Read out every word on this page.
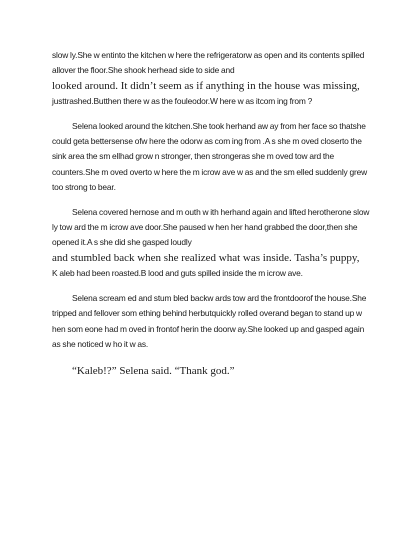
slow ly.She w entinto the kitchen w here the refrigeratorw as open and its contents spilled allover the floor.She shook herhead side to side and
looked around. It didn’t seem as if anything in the house was missing,
justtrashed.Butthen there w as the fouleodor.W here w as itcom ing from ?

Selena looked around the kitchen.She took herhand aw ay from her face so thatshe could geta bettersense ofw here the odorw as com ing from .A s she m oved closerto the sink area the sm ellhad grow n stronger, then strongeras she m oved tow ard the counters.She m oved overto w here the m icrow ave w as and the sm elled suddenly grew too strong to bear.

Selena covered hernose and m outh w ith herhand again and lifted herotherone slow ly tow ard the m icrow ave door.She paused w hen her hand grabbed the door,then she opened it.A s she did she gasped loudly
and stumbled back when she realized what was inside. Tasha’s puppy,
K aleb had been roasted.B lood and guts spilled inside the m icrow ave.

Selena scream ed and stum bled backw ards tow ard the frontdoorof the house.She tripped and fellover som ething behind herbutquickly rolled overand began to stand up w hen som eone had m oved in frontof herin the doorw ay.She looked up and gasped again as she noticed w ho it w as.

“Kaleb!?” Selena said. “Thank god.”
